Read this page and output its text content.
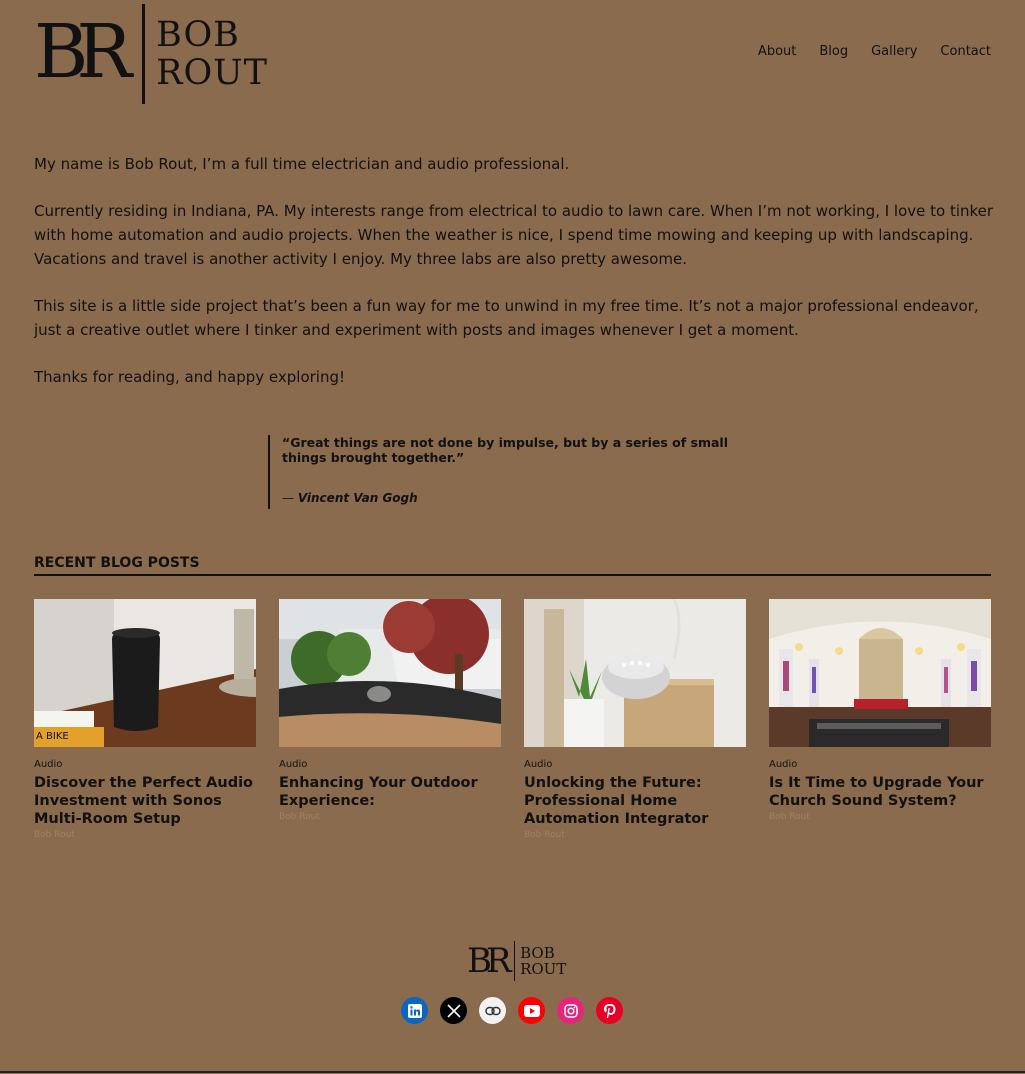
BR BOB
ROUT
About Blog Gallery Contact

My name is Bob Rout, I’m a full time electrician and audio professional.

Currently residing in Indiana, PA. My interests range from electrical to audio to lawn care. When I’m not working, I love to tinker with home automation and audio projects. When the weather is nice, I spend time mowing and keeping up with landscaping. Vacations and travel is another activity I enjoy. My three labs are also pretty awesome.

This site is a little side project that’s been a fun way for me to unwind in my free time. It’s not a major professional endeavor, just a creative outlet where I tinker and experiment with posts and images whenever I get a moment.

Thanks for reading, and happy exploring!

“Great things are not done by impulse, but by a series of small things brought together.”
— Vincent Van Gogh
RECENT BLOG POSTS
A BIKE
Audio
Discover the Perfect Audio Investment with Sonos Multi-Room Setup
Bob Rout
Audio
Enhancing Your Outdoor Experience:
Bob Rout
Audio
Unlocking the Future: Professional Home Automation Integrator
Bob Rout
Audio
Is It Time to Upgrade Your Church Sound System?
Bob Rout
BR BOB
ROUT
